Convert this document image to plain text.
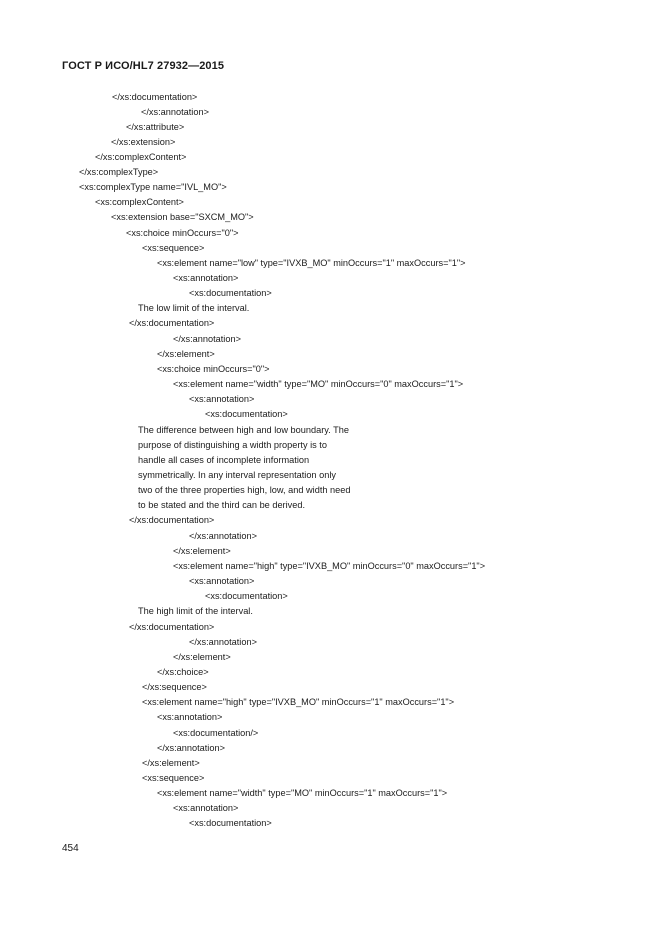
ГОСТ Р ИСО/HL7 27932—2015
</xs:documentation>
</xs:annotation>
</xs:attribute>
</xs:extension>
</xs:complexContent>
</xs:complexType>
<xs:complexType name="IVL_MO">
<xs:complexContent>
<xs:extension base="SXCM_MO">
<xs:choice minOccurs="0">
<xs:sequence>
<xs:element name="low" type="IVXB_MO" minOccurs="1" maxOccurs="1">
<xs:annotation>
<xs:documentation>
The low limit of the interval.
</xs:documentation>
</xs:annotation>
</xs:element>
<xs:choice minOccurs="0">
<xs:element name="width" type="MO" minOccurs="0" maxOccurs="1">
<xs:annotation>
<xs:documentation>
The difference between high and low boundary. The
purpose of distinguishing a width property is to
handle all cases of incomplete information
symmetrically. In any interval representation only
two of the three properties high, low, and width need
to be stated and the third can be derived.
</xs:documentation>
</xs:annotation>
</xs:element>
<xs:element name="high" type="IVXB_MO" minOccurs="0" maxOccurs="1">
<xs:annotation>
<xs:documentation>
The high limit of the interval.
</xs:documentation>
</xs:annotation>
</xs:element>
</xs:choice>
</xs:sequence>
<xs:element name="high" type="IVXB_MO" minOccurs="1" maxOccurs="1">
<xs:annotation>
<xs:documentation/>
</xs:annotation>
</xs:element>
<xs:sequence>
<xs:element name="width" type="MO" minOccurs="1" maxOccurs="1">
<xs:annotation>
<xs:documentation>
454
